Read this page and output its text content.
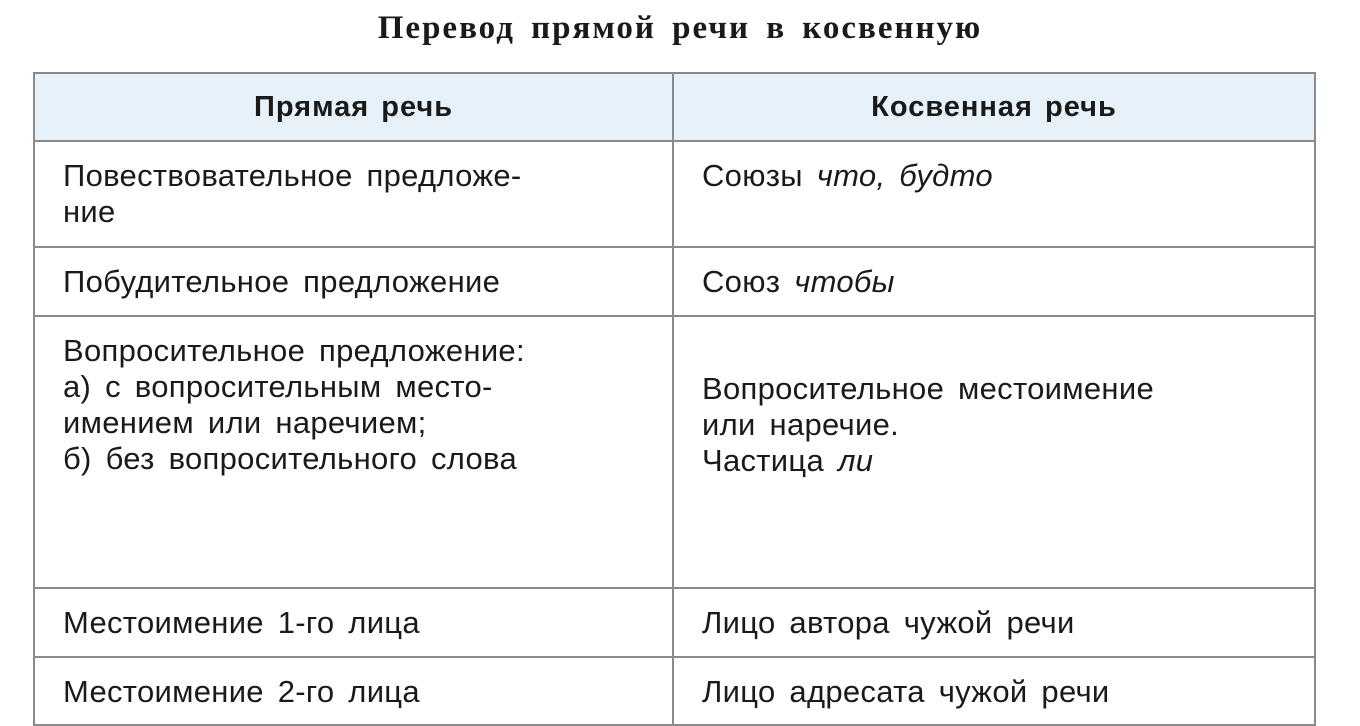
Перевод прямой речи в косвенную
Прямая речь	Косвенная речь

Повествовательное предложе-
ние	Союзы что, будто

Побудительное предложение	Союз чтобы

Вопросительное предложение:
а) с вопросительным место-
имением или наречием;
б) без вопросительного слова	Вопросительное местоимение
или наречие.
Частица ли

Местоимение 1-го лица	Лицо автора чужой речи

Местоимение 2-го лица	Лицо адресата чужой речи
